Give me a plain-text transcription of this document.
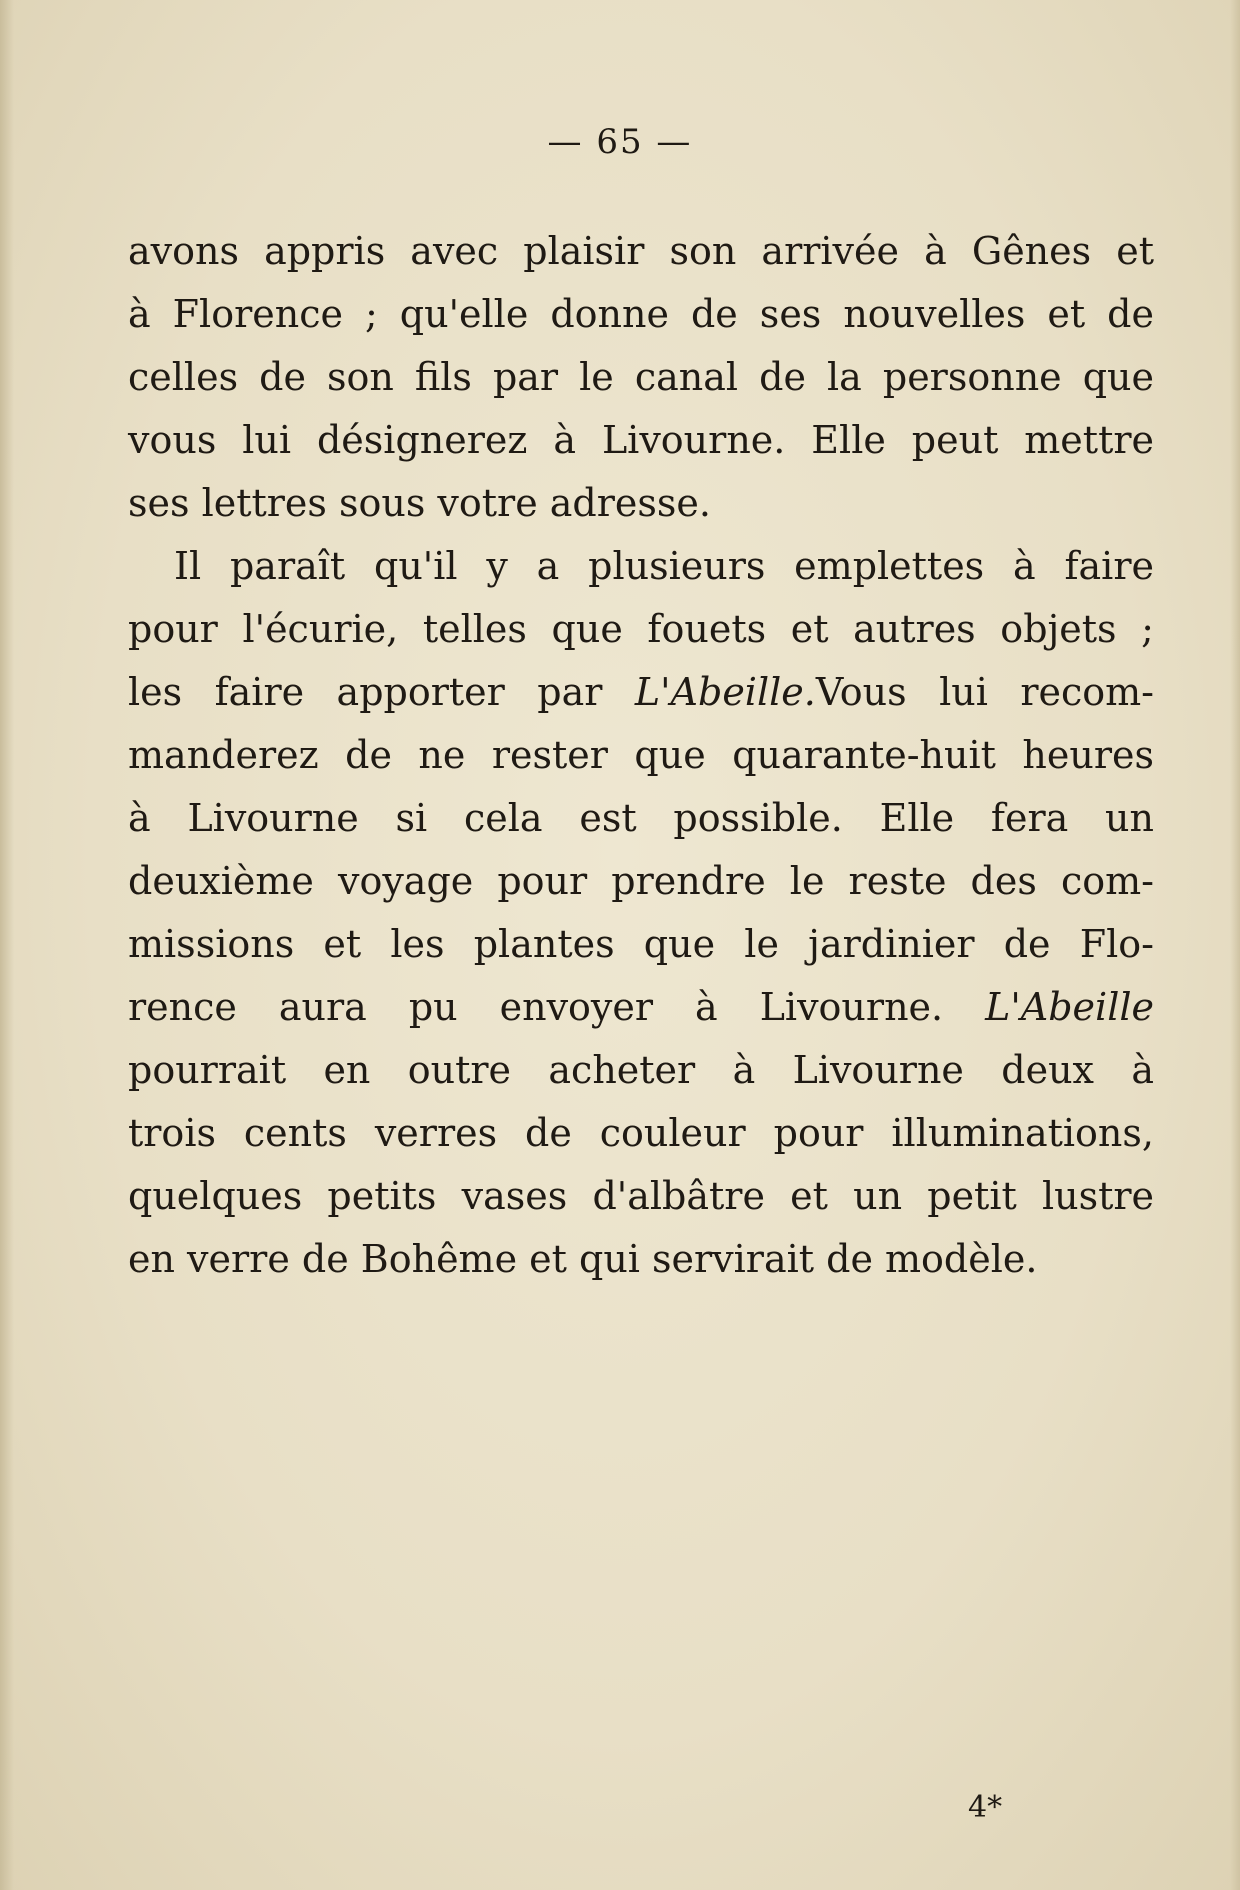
— 65 —
avons appris avec plaisir son arrivée à Gênes et
à Florence ; qu'elle donne de ses nouvelles et de
celles de son fils par le canal de la personne que
vous lui désignerez à Livourne. Elle peut mettre
ses lettres sous votre adresse.
Il paraît qu'il y a plusieurs emplettes à faire
pour l'écurie, telles que fouets et autres objets ;
les faire apporter par L'Abeille.Vous lui recom-
manderez de ne rester que quarante-huit heures
à Livourne si cela est possible. Elle fera un
deuxième voyage pour prendre le reste des com-
missions et les plantes que le jardinier de Flo-
rence aura pu envoyer à Livourne. L'Abeille
pourrait en outre acheter à Livourne deux à
trois cents verres de couleur pour illuminations,
quelques petits vases d'albâtre et un petit lustre
en verre de Bohême et qui servirait de modèle.
4*
